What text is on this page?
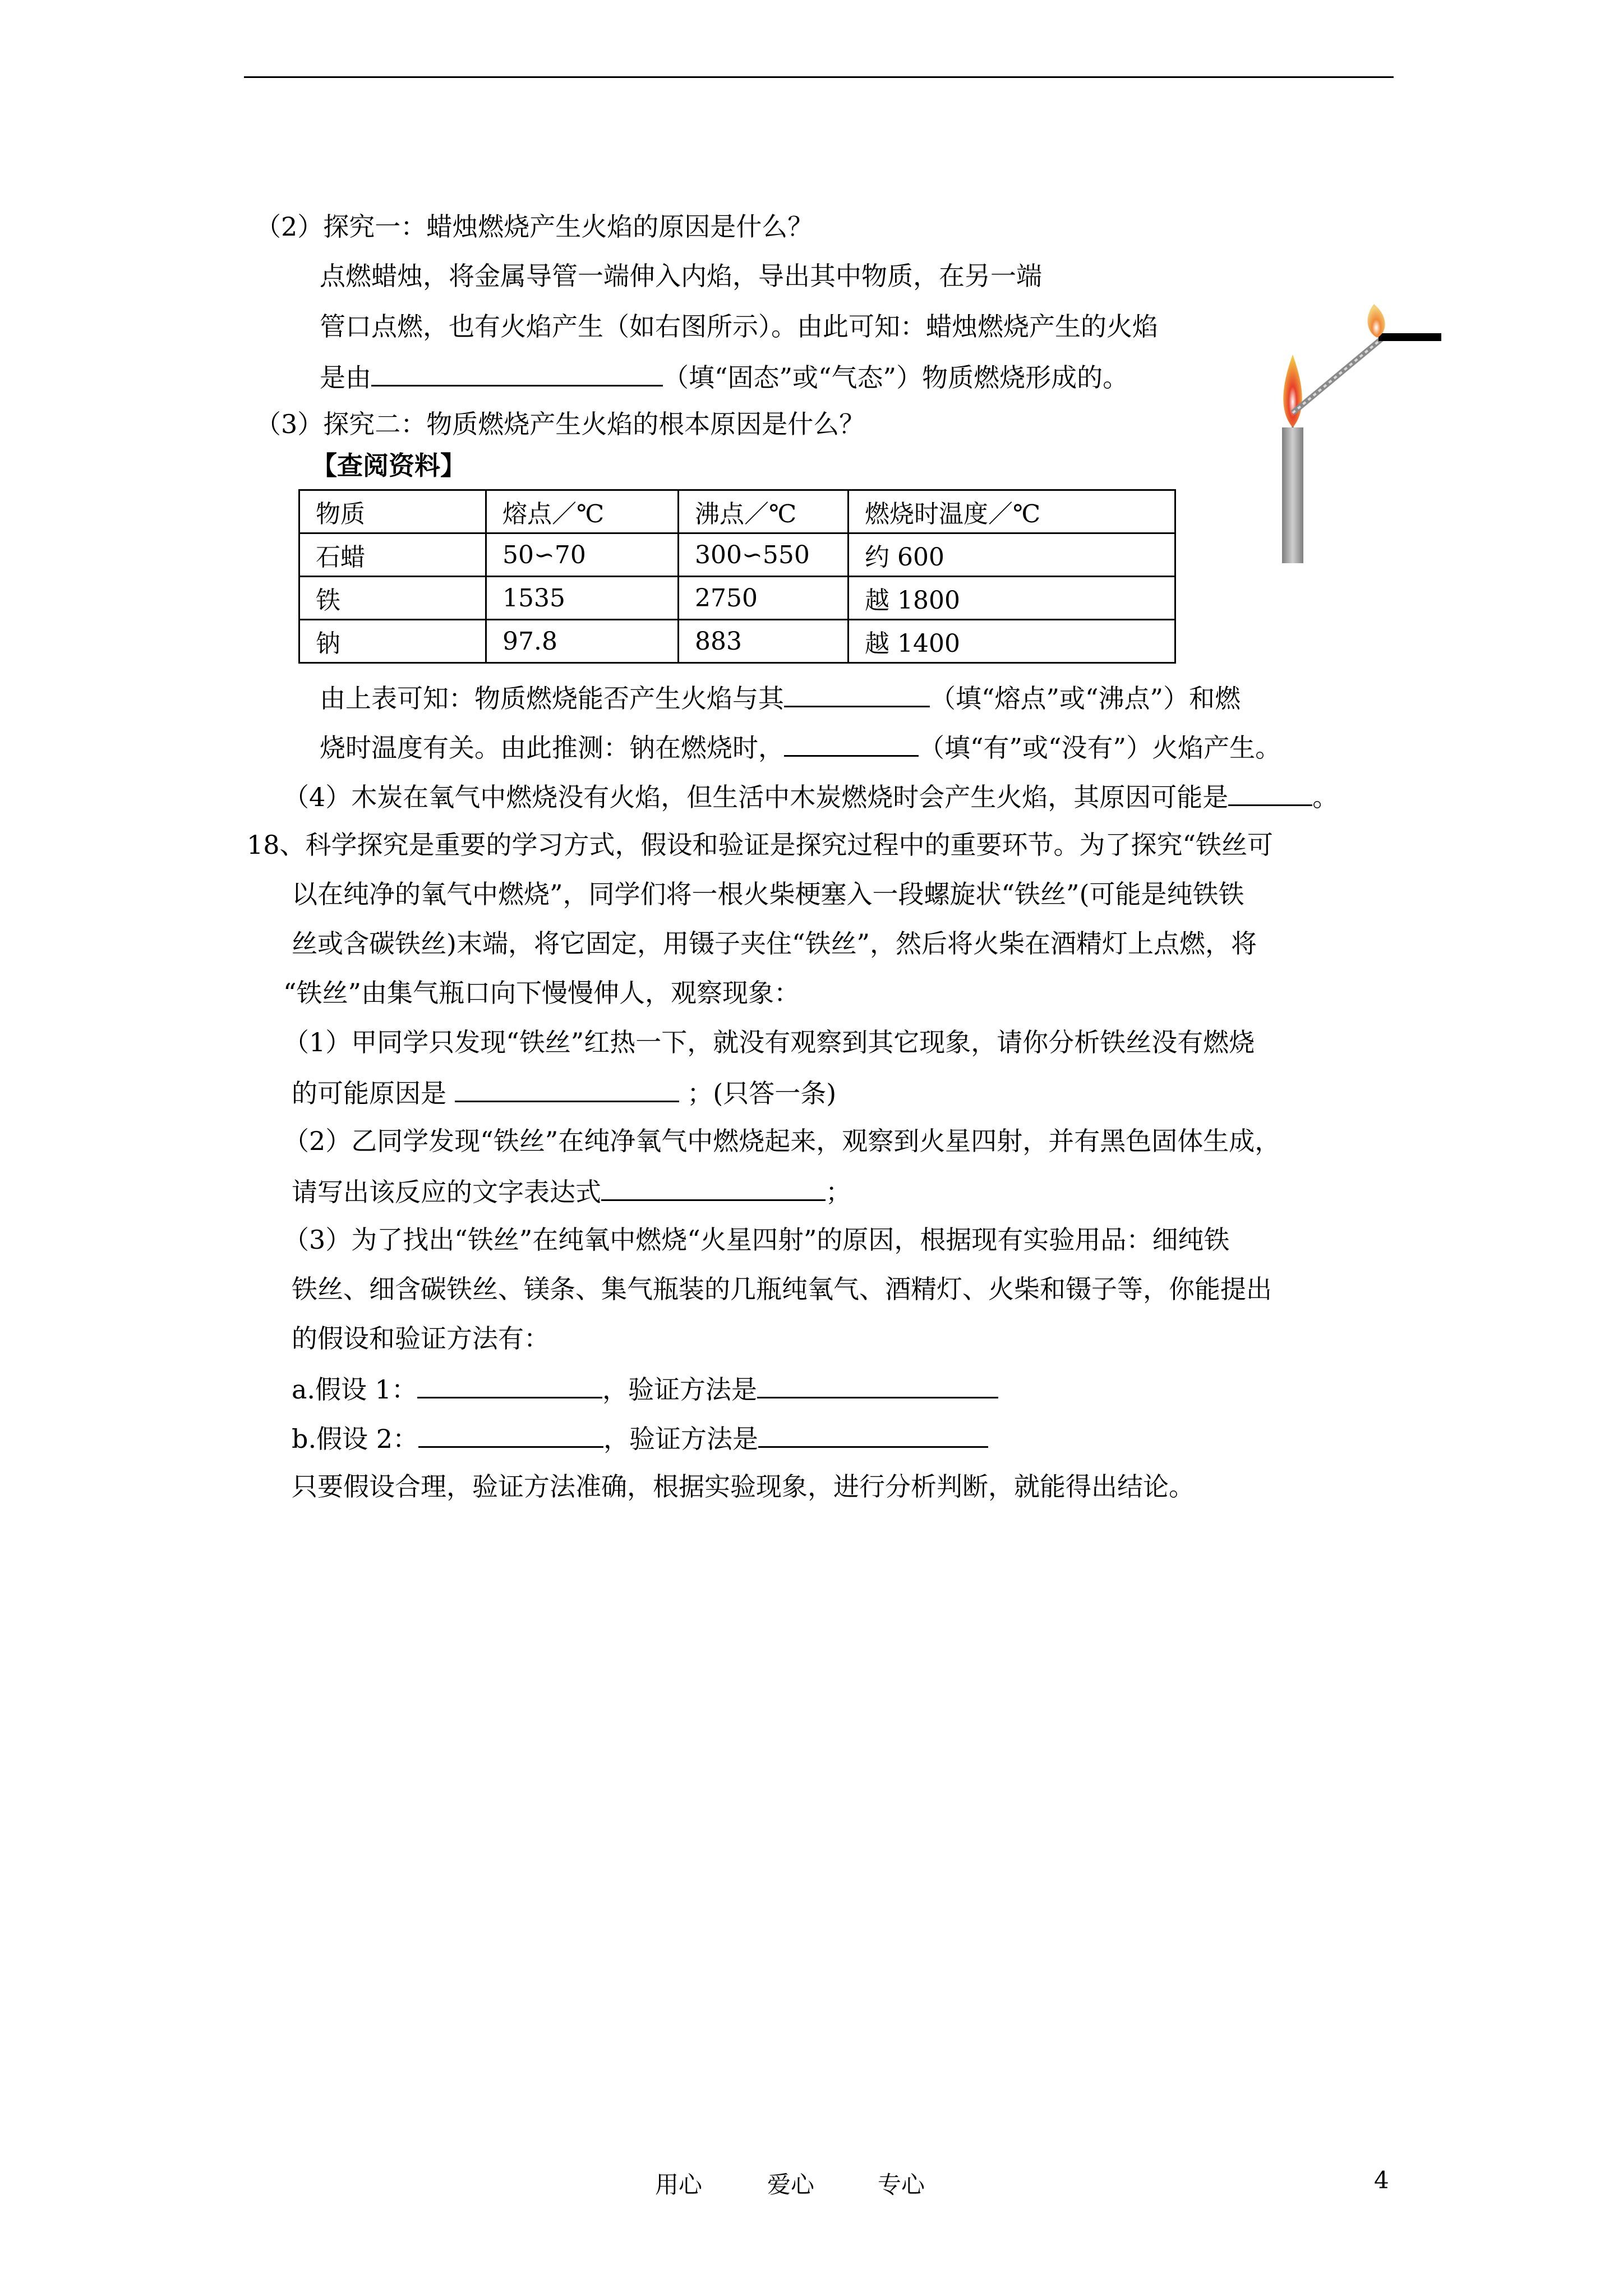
（2）探究一：蜡烛燃烧产生火焰的原因是什么？
点燃蜡烛，将金属导管一端伸入内焰，导出其中物质，在另一端
管口点燃，也有火焰产生（如右图所示）。由此可知：蜡烛燃烧产生的火焰
是由	（填“固态”或“气态”）物质燃烧形成的。
（3）探究二：物质燃烧产生火焰的根本原因是什么？
【查阅资料】
物质	熔点／℃	沸点／℃	燃烧时温度／℃
石蜡	50∽70	300∽550	约 600
铁	1535	2750	越 1800
钠	97.8	883	越 1400
由上表可知：物质燃烧能否产生火焰与其	（填“熔点”或“沸点”）和燃
烧时温度有关。由此推测：钠在燃烧时，	（填“有”或“没有”）火焰产生。
（4）木炭在氧气中燃烧没有火焰，但生活中木炭燃烧时会产生火焰，其原因可能是	。
18、科学探究是重要的学习方式，假设和验证是探究过程中的重要环节。为了探究“铁丝可
以在纯净的氧气中燃烧”，同学们将一根火柴梗塞入一段螺旋状“铁丝”(可能是纯铁铁
丝或含碳铁丝)末端，将它固定，用镊子夹住“铁丝”，然后将火柴在酒精灯上点燃，将
“铁丝”由集气瓶口向下慢慢伸人，观察现象：
（1）甲同学只发现“铁丝”红热一下，就没有观察到其它现象，请你分析铁丝没有燃烧
的可能原因是	；(只答一条)
（2）乙同学发现“铁丝”在纯净氧气中燃烧起来，观察到火星四射，并有黑色固体生成，
请写出该反应的文字表达式	；
（3）为了找出“铁丝”在纯氧中燃烧“火星四射”的原因，根据现有实验用品：细纯铁
铁丝、细含碳铁丝、镁条、集气瓶装的几瓶纯氧气、酒精灯、火柴和镊子等，你能提出
的假设和验证方法有：
a.假设 1：	，验证方法是
b.假设 2：	，验证方法是
只要假设合理，验证方法准确，根据实验现象，进行分析判断，就能得出结论。
用心	爱心	专心	4
